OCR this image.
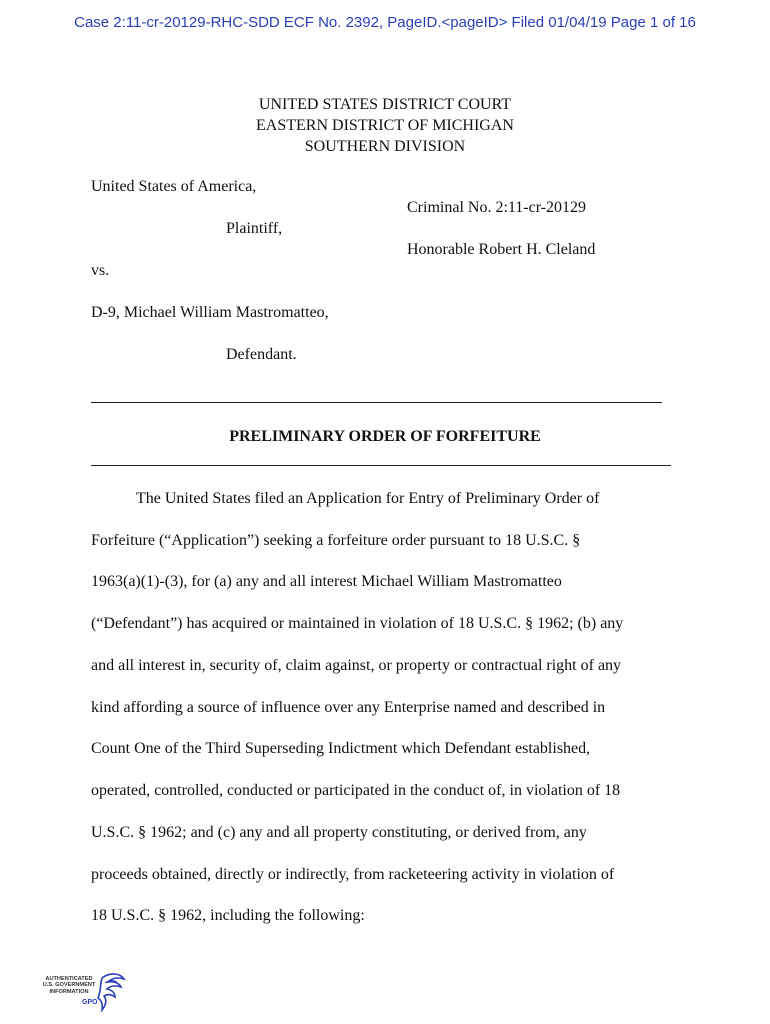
Case 2:11-cr-20129-RHC-SDD ECF No. 2392, PageID.<pageID> Filed 01/04/19 Page 1 of 16
UNITED STATES DISTRICT COURT
EASTERN DISTRICT OF MICHIGAN
SOUTHERN DIVISION
United States of America,
Criminal No. 2:11-cr-20129
Plaintiff,
Honorable Robert H. Cleland
vs.
D-9, Michael William Mastromatteo,
Defendant.
PRELIMINARY ORDER OF FORFEITURE
The United States filed an Application for Entry of Preliminary Order of
Forfeiture (“Application”) seeking a forfeiture order pursuant to 18 U.S.C. §
1963(a)(1)-(3), for (a) any and all interest Michael William Mastromatteo
(“Defendant”) has acquired or maintained in violation of 18 U.S.C. § 1962; (b) any
and all interest in, security of, claim against, or property or contractual right of any
kind affording a source of influence over any Enterprise named and described in
Count One of the Third Superseding Indictment which Defendant established,
operated, controlled, conducted or participated in the conduct of, in violation of 18
U.S.C. § 1962; and (c) any and all property constituting, or derived from, any
proceeds obtained, directly or indirectly, from racketeering activity in violation of
18 U.S.C. § 1962, including the following:
AUTHENTICATED
U.S. GOVERNMENT
INFORMATION
GPO
